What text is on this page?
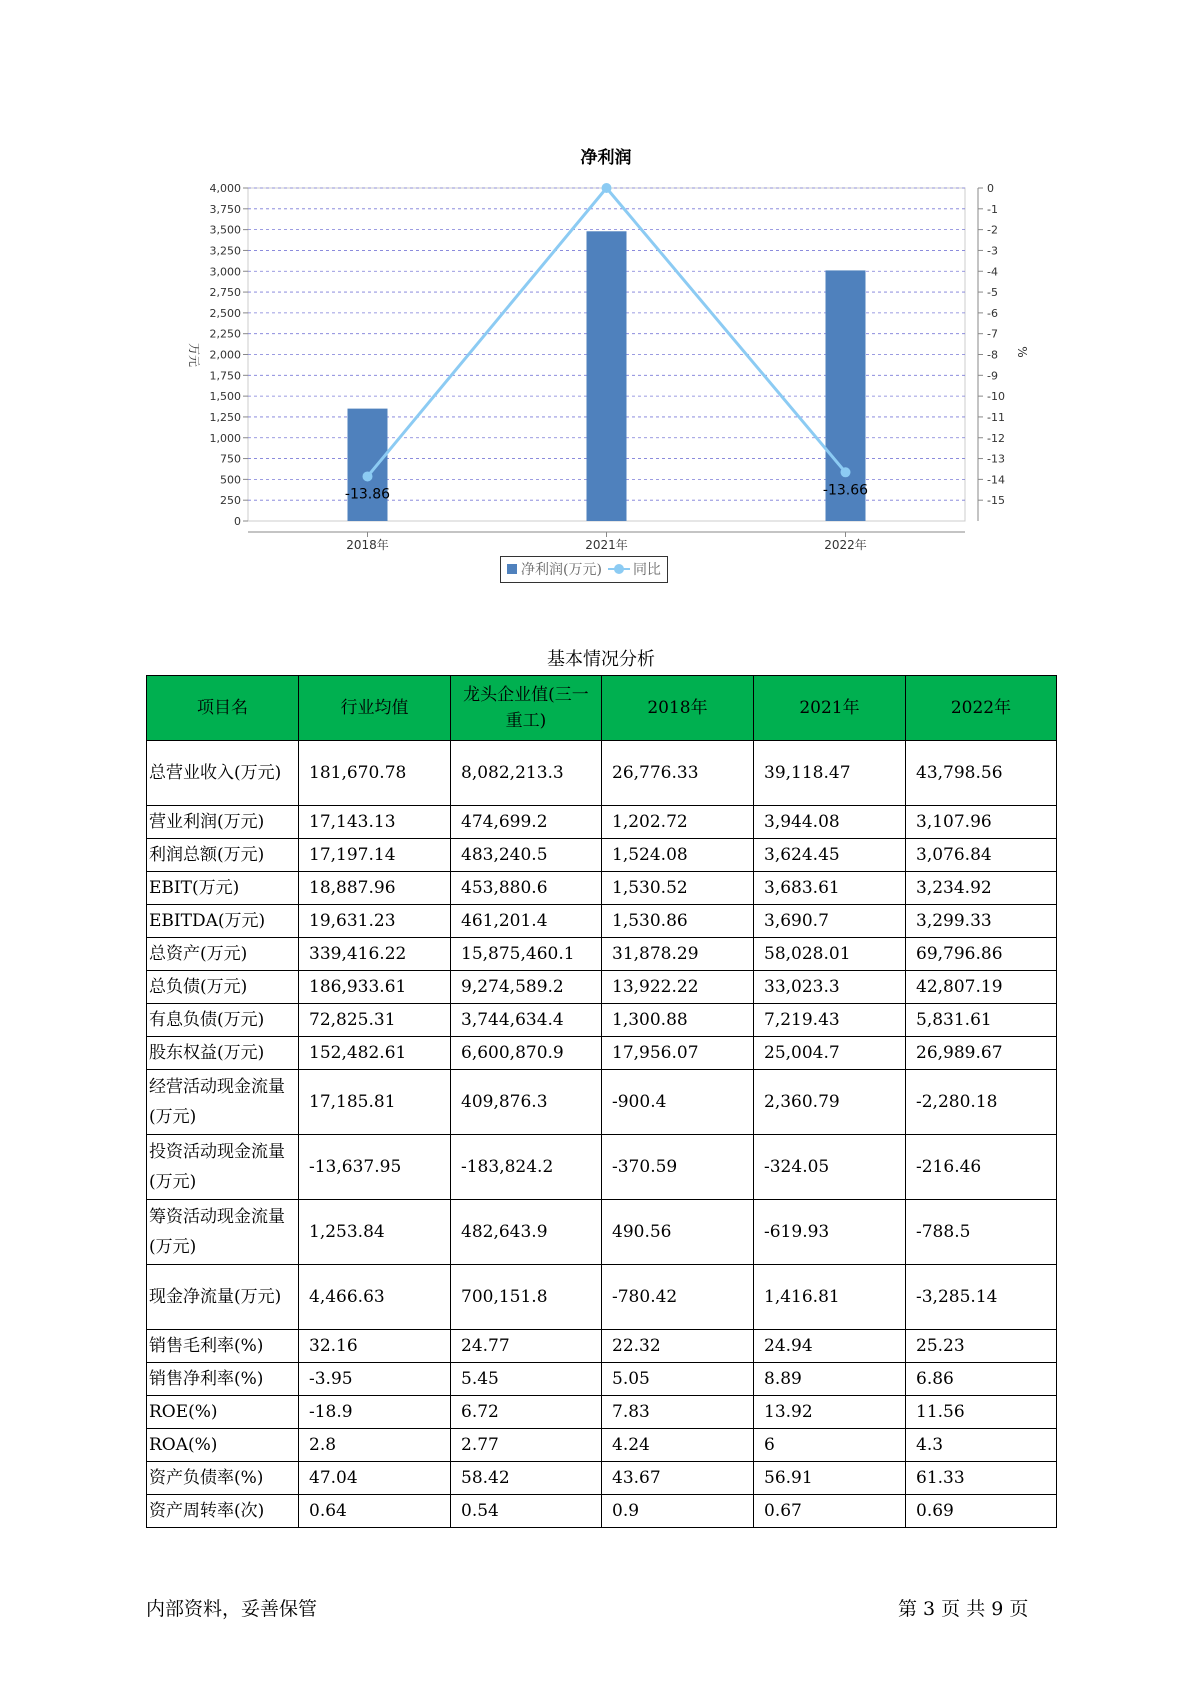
净利润
0
250
500
750
1,000
1,250
1,500
1,750
2,000
2,250
2,500
2,750
3,000
3,250
3,500
3,750
4,000
-15
-14
-13
-12
-11
-10
-9
-8
-7
-6
-5
-4
-3
-2
-1
0
万元	%
2018年	2021年	2022年
-13.86	-13.66
净利润(万元) 同比
基本情况分析
项目名	行业均值	龙头企业值(三一重工)	2018年	2021年	2022年
总营业收入(万元)	181,670.78	8,082,213.3	26,776.33	39,118.47	43,798.56
营业利润(万元)	17,143.13	474,699.2	1,202.72	3,944.08	3,107.96
利润总额(万元)	17,197.14	483,240.5	1,524.08	3,624.45	3,076.84
EBIT(万元)	18,887.96	453,880.6	1,530.52	3,683.61	3,234.92
EBITDA(万元)	19,631.23	461,201.4	1,530.86	3,690.7	3,299.33
总资产(万元)	339,416.22	15,875,460.1	31,878.29	58,028.01	69,796.86
总负债(万元)	186,933.61	9,274,589.2	13,922.22	33,023.3	42,807.19
有息负债(万元)	72,825.31	3,744,634.4	1,300.88	7,219.43	5,831.61
股东权益(万元)	152,482.61	6,600,870.9	17,956.07	25,004.7	26,989.67
经营活动现金流量(万元)	17,185.81	409,876.3	-900.4	2,360.79	-2,280.18
投资活动现金流量(万元)	-13,637.95	-183,824.2	-370.59	-324.05	-216.46
筹资活动现金流量(万元)	1,253.84	482,643.9	490.56	-619.93	-788.5
现金净流量(万元)	4,466.63	700,151.8	-780.42	1,416.81	-3,285.14
销售毛利率(%)	32.16	24.77	22.32	24.94	25.23
销售净利率(%)	-3.95	5.45	5.05	8.89	6.86
ROE(%)	-18.9	6.72	7.83	13.92	11.56
ROA(%)	2.8	2.77	4.24	6	4.3
资产负债率(%)	47.04	58.42	43.67	56.91	61.33
资产周转率(次)	0.64	0.54	0.9	0.67	0.69
内部资料，妥善保管	第 3 页 共 9 页
